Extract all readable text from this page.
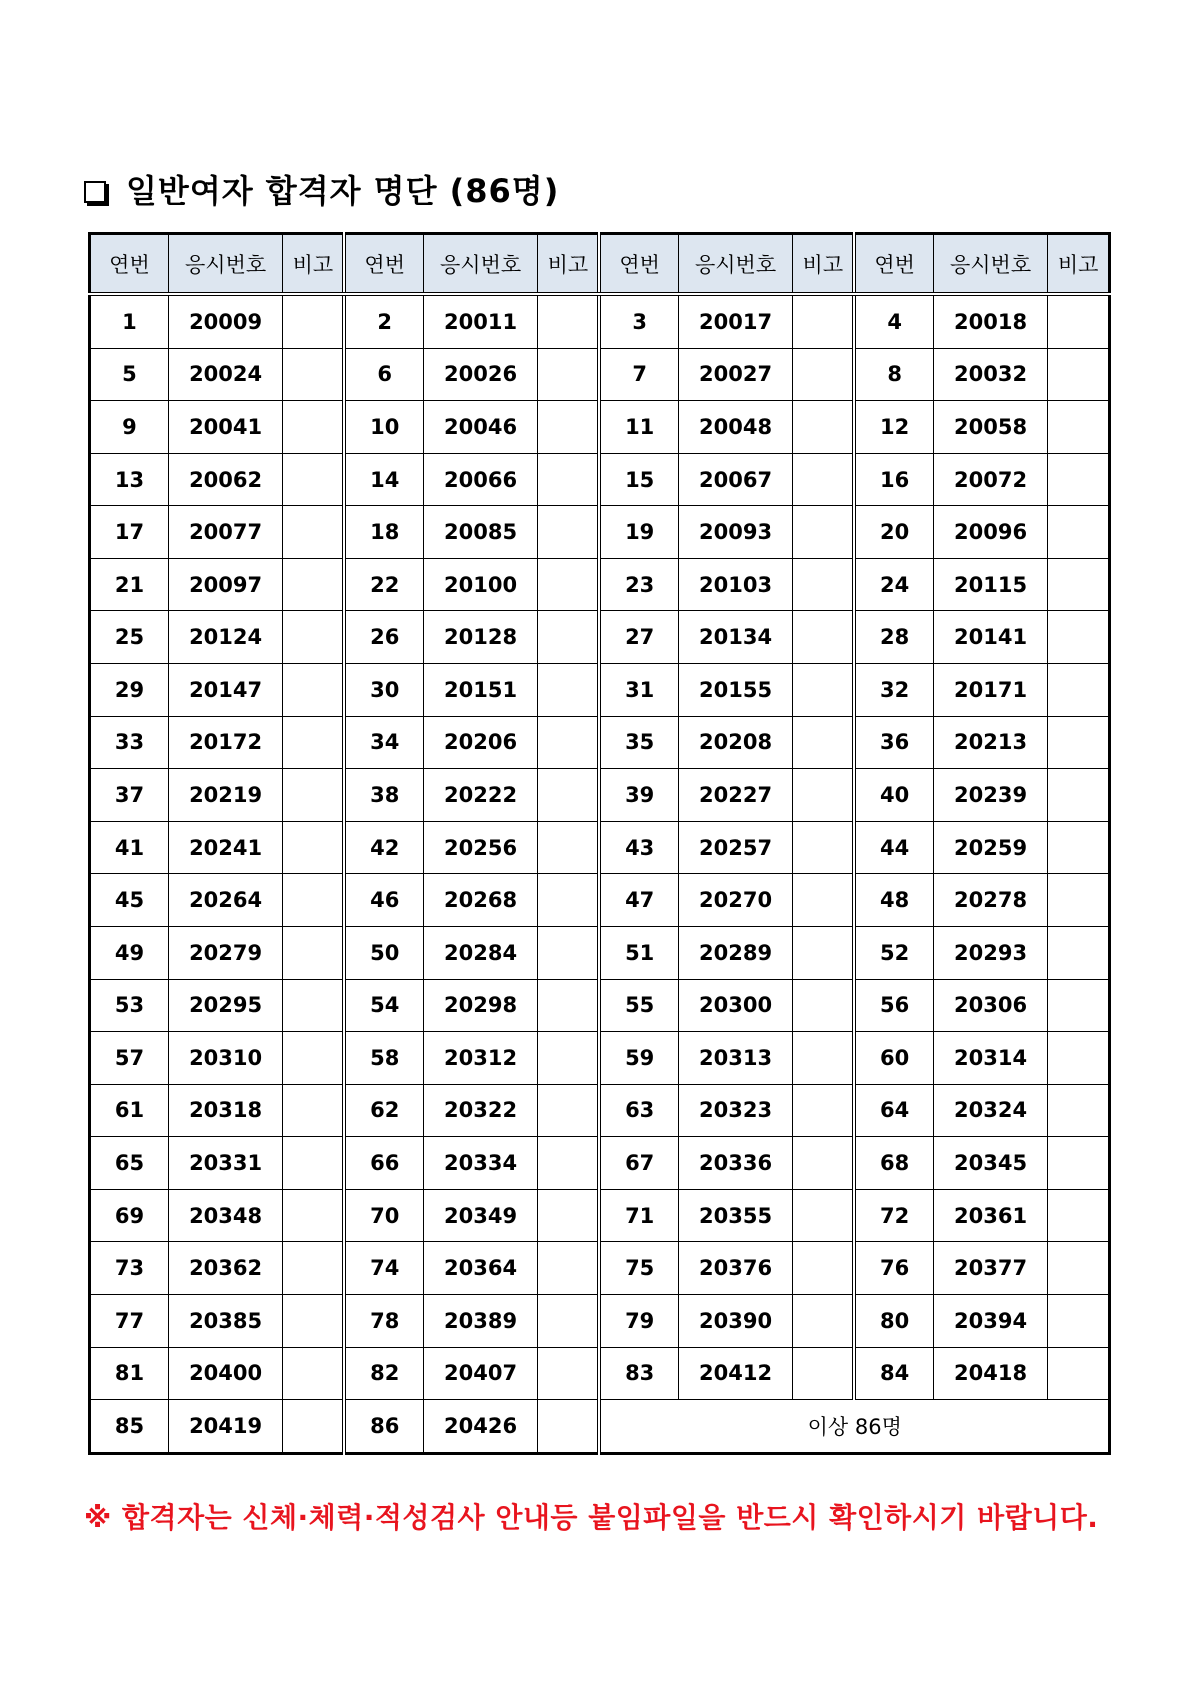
일반여자 합격자 명단 (86명)
연번	응시번호	비고	연번	응시번호	비고	연번	응시번호	비고	연번	응시번호	비고
1	20009		2	20011		3	20017		4	20018	
5	20024		6	20026		7	20027		8	20032	
9	20041		10	20046		11	20048		12	20058	
13	20062		14	20066		15	20067		16	20072	
17	20077		18	20085		19	20093		20	20096	
21	20097		22	20100		23	20103		24	20115	
25	20124		26	20128		27	20134		28	20141	
29	20147		30	20151		31	20155		32	20171	
33	20172		34	20206		35	20208		36	20213	
37	20219		38	20222		39	20227		40	20239	
41	20241		42	20256		43	20257		44	20259	
45	20264		46	20268		47	20270		48	20278	
49	20279		50	20284		51	20289		52	20293	
53	20295		54	20298		55	20300		56	20306	
57	20310		58	20312		59	20313		60	20314	
61	20318		62	20322		63	20323		64	20324	
65	20331		66	20334		67	20336		68	20345	
69	20348		70	20349		71	20355		72	20361	
73	20362		74	20364		75	20376		76	20377	
77	20385		78	20389		79	20390		80	20394	
81	20400		82	20407		83	20412		84	20418	
85	20419		86	20426		이상 86명					
※ 합격자는 신체·체력·적성검사 안내등 붙임파일을 반드시 확인하시기 바랍니다.
